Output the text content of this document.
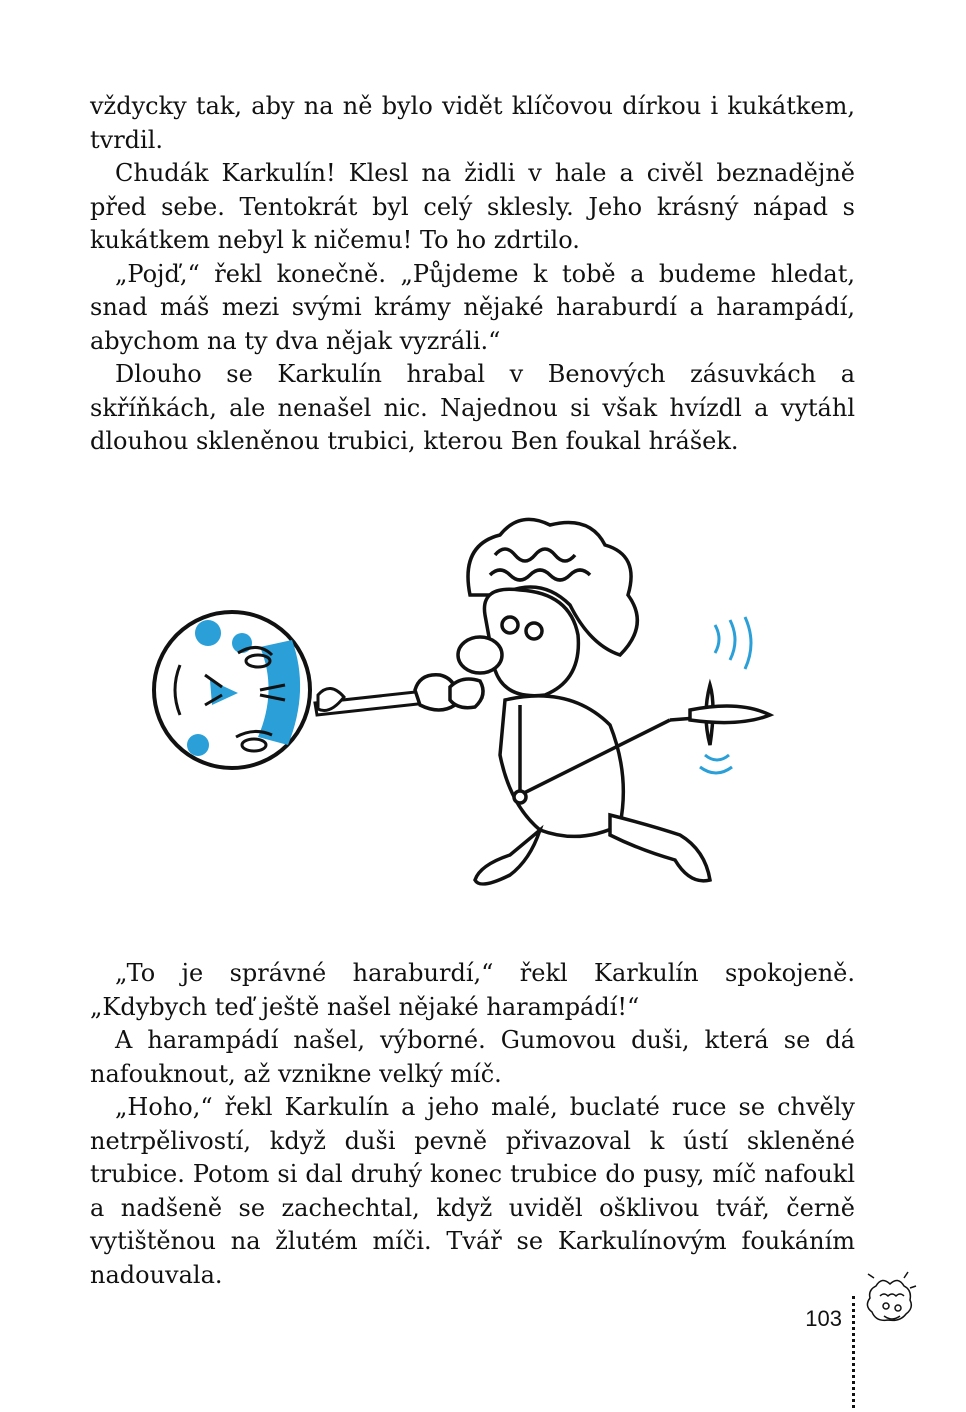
vždycky tak, aby na ně bylo vidět klíčovou dírkou i kukátkem, tvrdil.

Chudák Karkulín! Klesl na židli v hale a civěl beznadějně před sebe. Tentokrát byl celý sklesly. Jeho krásný nápad s kukátkem nebyl k ničemu! To ho zdrtilo.

„Pojď,“ řekl konečně. „Půjdeme k tobě a budeme hledat, snad máš mezi svými krámy nějaké haraburdí a harampádí, abychom na ty dva nějak vyzráli.“

Dlouho se Karkulín hrabal v Benových zásuvkách a skříňkách, ale nenašel nic. Najednou si však hvízdl a vytáhl dlouhou skleněnou trubici, kterou Ben foukal hrášek.

„To je správné haraburdí,“ řekl Karkulín spokojeně. „Kdybych teď ještě našel nějaké harampádí!“

A harampádí našel, výborné. Gumovou duši, která se dá nafouknout, až vznikne velký míč.

„Hoho,“ řekl Karkulín a jeho malé, buclaté ruce se chvěly netrpělivostí, když duši pevně přivazoval k ústí skleněné trubice. Potom si dal druhý konec trubice do pusy, míč nafoukl a nadšeně se zachechtal, když uviděl ošklivou tvář, černě vytištěnou na žlutém míči. Tvář se Karkulínovým foukáním nadouvala.

103
